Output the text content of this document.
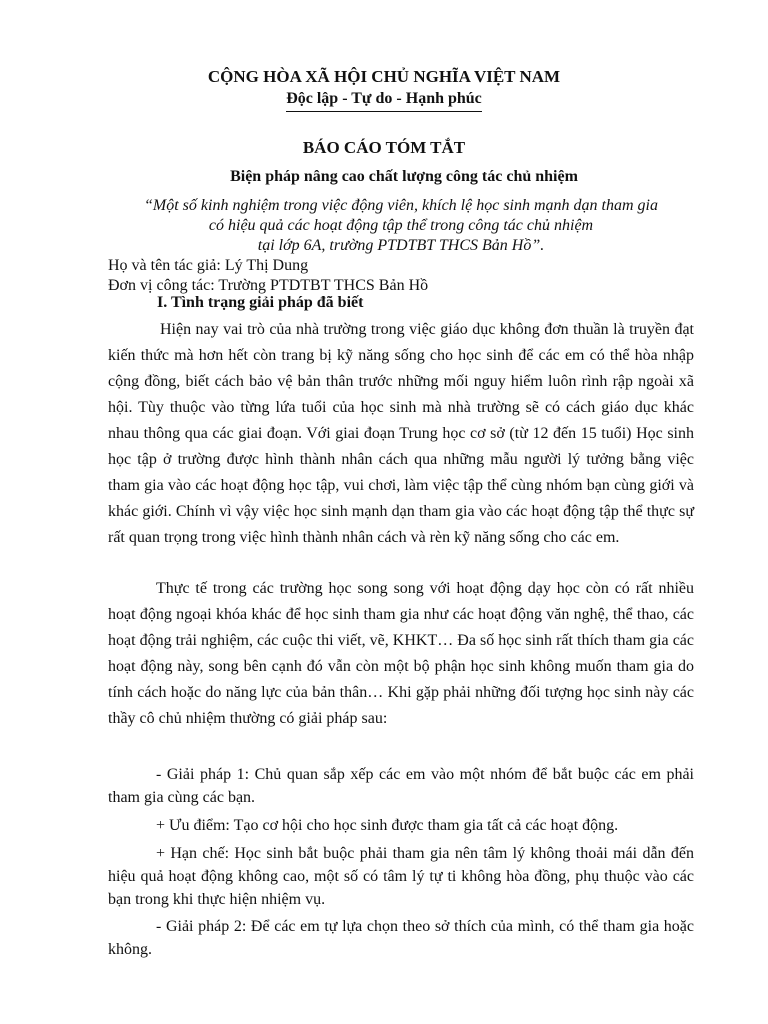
CỘNG HÒA XÃ HỘI CHỦ NGHĨA VIỆT NAM
Độc lập - Tự do - Hạnh phúc
BÁO CÁO TÓM TẮT
Biện pháp nâng cao chất lượng công tác chủ nhiệm
“Một số kinh nghiệm trong việc động viên, khích lệ học sinh mạnh dạn tham gia
có hiệu quả các hoạt động tập thể trong công tác chủ nhiệm
tại lớp 6A, trường PTDTBT THCS Bản Hồ”.
Họ và tên tác giả: Lý Thị Dung
Đơn vị công tác: Trường PTDTBT THCS Bản Hồ
I. Tình trạng giải pháp đã biết
Hiện nay vai trò của nhà trường trong việc giáo dục không đơn thuần là truyền đạt kiến thức mà hơn hết còn trang bị kỹ năng sống cho học sinh để các em có thể hòa nhập cộng đồng, biết cách bảo vệ bản thân trước những mối nguy hiểm luôn rình rập ngoài xã hội. Tùy thuộc vào từng lứa tuổi của học sinh mà nhà trường sẽ có cách giáo dục khác nhau thông qua các giai đoạn. Với giai đoạn Trung học cơ sở (từ 12 đến 15 tuổi) Học sinh học tập ở trường được hình thành nhân cách qua những mẫu người lý tưởng bằng việc tham gia vào các hoạt động học tập, vui chơi, làm việc tập thể cùng nhóm bạn cùng giới và khác giới. Chính vì vậy việc học sinh mạnh dạn tham gia vào các hoạt động tập thể thực sự rất quan trọng trong việc hình thành nhân cách và rèn kỹ năng sống cho các em.
Thực tế trong các trường học song song với hoạt động dạy học còn có rất nhiều hoạt động ngoại khóa khác để học sinh tham gia như các hoạt động văn nghệ, thể thao, các hoạt động trải nghiệm, các cuộc thi viết, vẽ, KHKT… Đa số học sinh rất thích tham gia các hoạt động này, song bên cạnh đó vẫn còn một bộ phận học sinh không muốn tham gia do tính cách hoặc do năng lực của bản thân… Khi gặp phải những đối tượng học sinh này các thầy cô chủ nhiệm thường có giải pháp sau:
- Giải pháp 1: Chủ quan sắp xếp các em vào một nhóm để bắt buộc các em phải tham gia cùng các bạn.
+ Ưu điểm: Tạo cơ hội cho học sinh được tham gia tất cả các hoạt động.
+ Hạn chế: Học sinh bắt buộc phải tham gia nên tâm lý không thoải mái dẫn đến hiệu quả hoạt động không cao, một số có tâm lý tự ti không hòa đồng, phụ thuộc vào các bạn trong khi thực hiện nhiệm vụ.
- Giải pháp 2: Để các em tự lựa chọn theo sở thích của mình, có thể tham gia hoặc không.
